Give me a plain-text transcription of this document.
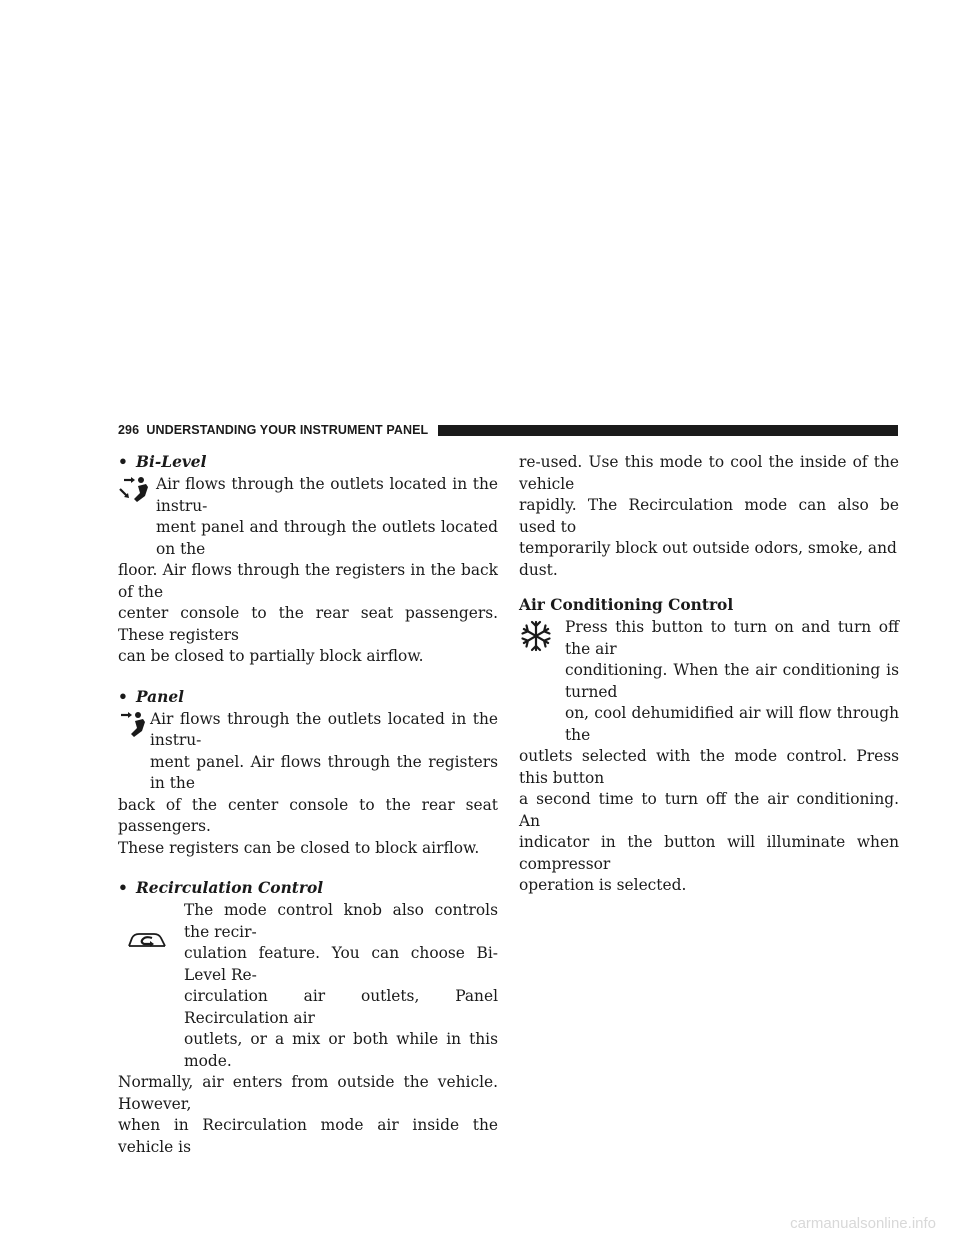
296 UNDERSTANDING YOUR INSTRUMENT PANEL
• Bi-Level
Air flows through the outlets located in the instru-
ment panel and through the outlets located on the
floor. Air flows through the registers in the back of the
center console to the rear seat passengers. These registers
can be closed to partially block airflow.
• Panel
Air flows through the outlets located in the instru-
ment panel. Air flows through the registers in the
back of the center console to the rear seat passengers.
These registers can be closed to block airflow.
• Recirculation Control
The mode control knob also controls the recir-
culation feature. You can choose Bi-Level Re-
circulation air outlets, Panel Recirculation air
outlets, or a mix or both while in this mode.
Normally, air enters from outside the vehicle. However,
when in Recirculation mode air inside the vehicle is
re-used. Use this mode to cool the inside of the vehicle
rapidly. The Recirculation mode can also be used to
temporarily block out outside odors, smoke, and dust.
Air Conditioning Control
Press this button to turn on and turn off the air
conditioning. When the air conditioning is turned
on, cool dehumidified air will flow through the
outlets selected with the mode control. Press this button
a second time to turn off the air conditioning. An
indicator in the button will illuminate when compressor
operation is selected.
carmanualsonline.info
